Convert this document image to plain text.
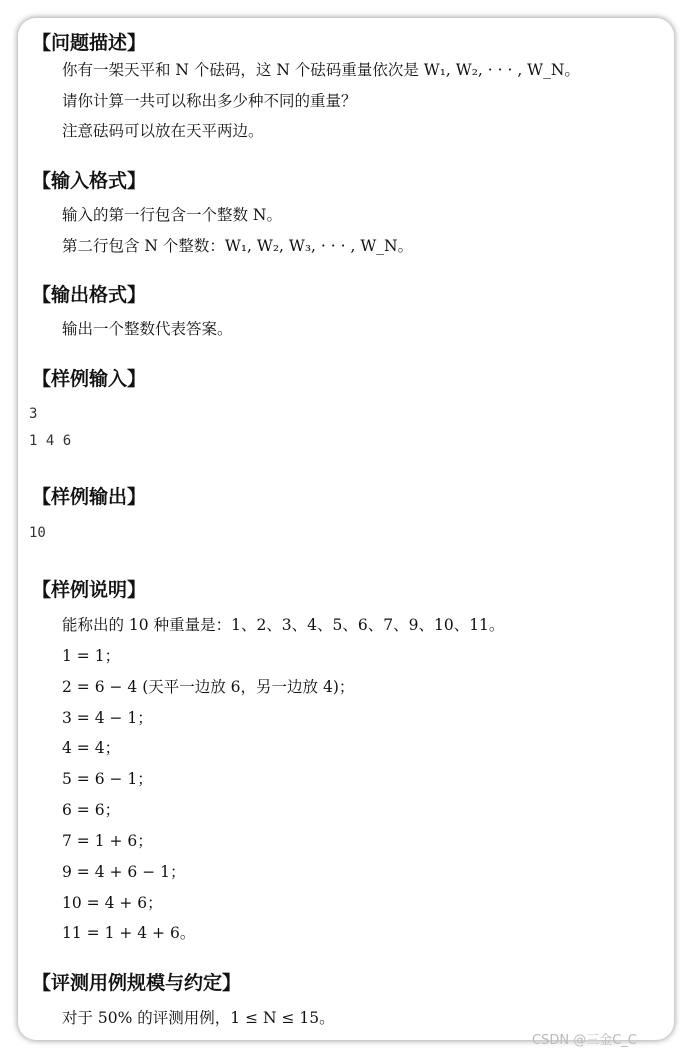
【问题描述】
你有一架天平和 N 个砝码，这 N 个砝码重量依次是 W₁, W₂, · · · , W_N。
请你计算一共可以称出多少种不同的重量？
注意砝码可以放在天平两边。
【输入格式】
输入的第一行包含一个整数 N。
第二行包含 N 个整数：W₁, W₂, W₃, · · · , W_N。
【输出格式】
输出一个整数代表答案。
【样例输入】
3
1 4 6
【样例输出】
10
【样例说明】
能称出的 10 种重量是：1、2、3、4、5、6、7、9、10、11。
1 = 1；
2 = 6 − 4 (天平一边放 6，另一边放 4)；
3 = 4 − 1；
4 = 4；
5 = 6 − 1；
6 = 6；
7 = 1 + 6；
9 = 4 + 6 − 1；
10 = 4 + 6；
11 = 1 + 4 + 6。
【评测用例规模与约定】
对于 50% 的评测用例，1 ≤ N ≤ 15。
CSDN @三金C_C
